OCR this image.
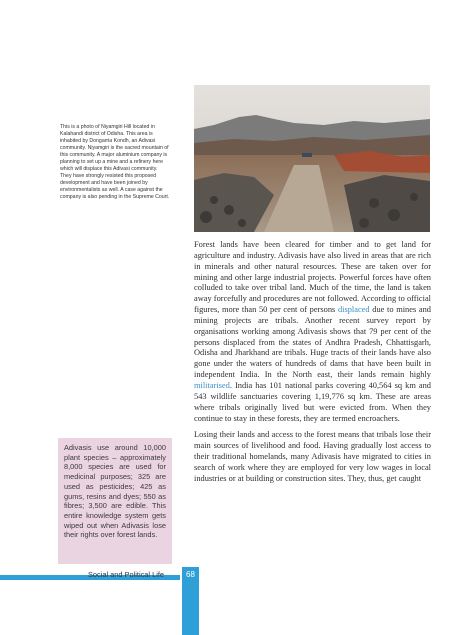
This is a photo of Niyamgiri Hill located in
Kalahandi district of Odisha. This area is
inhabited by Dongarria Kondh, an Adivasi
community. Niyamgiri is the sacred mountain of
this community. A major aluminium company is
planning to set up a mine and a refinery here
which will displace this Adivasi community.
They have strongly resisted this proposed
development and have been joined by
environmentalists as well. A case against the
company is also pending in the Supreme Court.

Forest lands have been cleared for timber and to get land for agriculture and industry. Adivasis have also lived in areas that are rich in minerals and other natural resources. These are taken over for mining and other large industrial projects. Powerful forces have often colluded to take over tribal land. Much of the time, the land is taken away forcefully and procedures are not followed. According to official figures, more than 50 per cent of persons displaced due to mines and mining projects are tribals. Another recent survey report by organisations working among Adivasis shows that 79 per cent of the persons displaced from the states of Andhra Pradesh, Chhattisgarh, Odisha and Jharkhand are tribals. Huge tracts of their lands have also gone under the waters of hundreds of dams that have been built in independent India. In the North east, their lands remain highly militarised. India has 101 national parks covering 40,564 sq km and 543 wildlife sanctuaries covering 1,19,776 sq km. These are areas where tribals originally lived but were evicted from. When they continue to stay in these forests, they are termed encroachers.

Losing their lands and access to the forest means that tribals lose their main sources of livelihood and food. Having gradually lost access to their traditional homelands, many Adivasis have migrated to cities in search of work where they are employed for very low wages in local industries or at building or construction sites. They, thus, get caught

Adivasis use around 10,000 plant species – approximately 8,000 species are used for medicinal purposes; 325 are used as pesticides; 425 as gums, resins and dyes; 550 as fibres; 3,500 are edible. This entire knowledge system gets wiped out when Adivasis lose their rights over forest lands.
Social and Political Life	68
